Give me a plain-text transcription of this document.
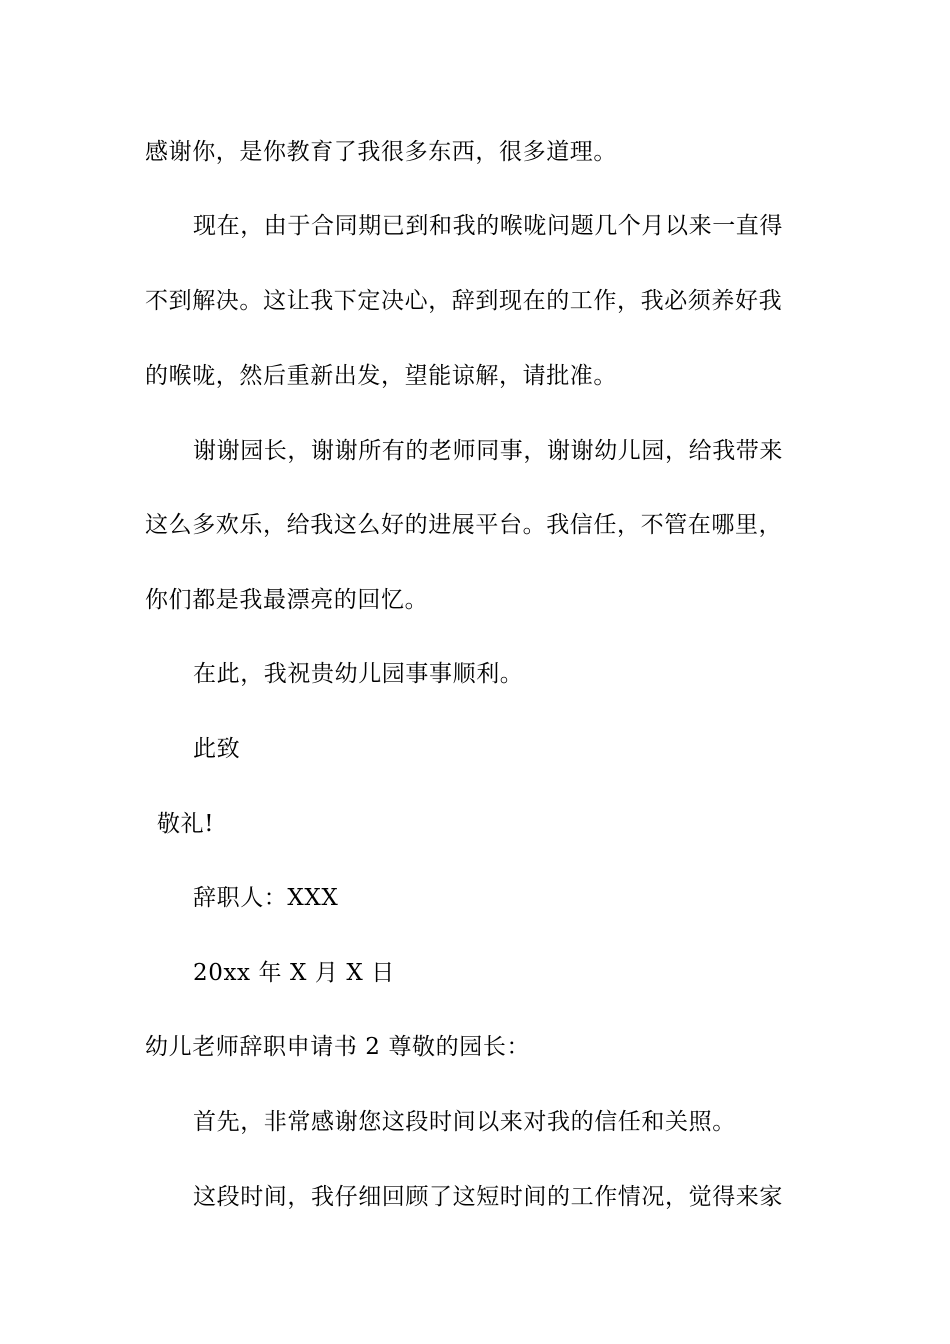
感谢你，是你教育了我很多东西，很多道理。
现在，由于合同期已到和我的喉咙问题几个月以来一直得
不到解决。这让我下定决心，辞到现在的工作，我必须养好我
的喉咙，然后重新出发，望能谅解，请批准。
谢谢园长，谢谢所有的老师同事，谢谢幼儿园，给我带来
这么多欢乐，给我这么好的进展平台。我信任，不管在哪里，
你们都是我最漂亮的回忆。
在此，我祝贵幼儿园事事顺利。
此致
敬礼!
辞职人：XXX
20xx 年 X 月 X 日
幼儿老师辞职申请书 2 尊敬的园长：
首先，非常感谢您这段时间以来对我的信任和关照。
这段时间，我仔细回顾了这短时间的工作情况，觉得来家
